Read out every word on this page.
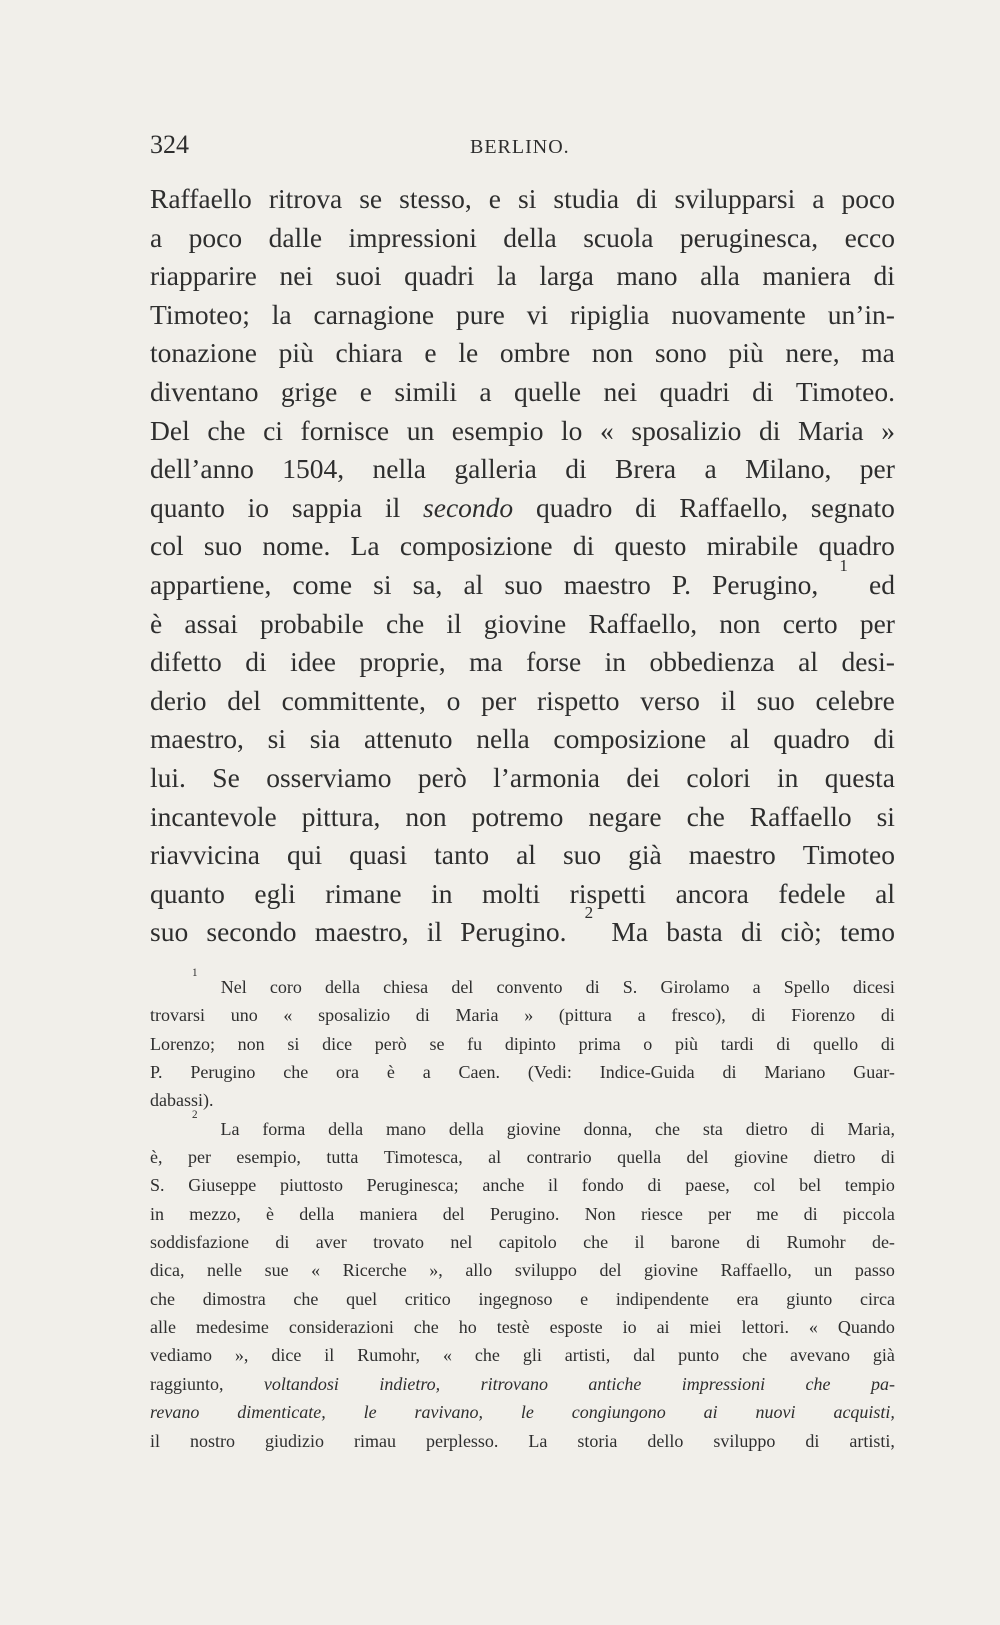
324	BERLINO.
Raffaello ritrova se stesso, e si studia di svilupparsi a poco
a poco dalle impressioni della scuola peruginesca, ecco
riapparire nei suoi quadri la larga mano alla maniera di
Timoteo; la carnagione pure vi ripiglia nuovamente un’in-
tonazione più chiara e le ombre non sono più nere, ma
diventano grige e simili a quelle nei quadri di Timoteo.
Del che ci fornisce un esempio lo « sposalizio di Maria »
dell’anno 1504, nella galleria di Brera a Milano, per
quanto io sappia il secondo quadro di Raffaello, segnato
col suo nome. La composizione di questo mirabile quadro
appartiene, come si sa, al suo maestro P. Perugino,
1
ed
è assai probabile che il giovine Raffaello, non certo per
difetto di idee proprie, ma forse in obbedienza al desi-
derio del committente, o per rispetto verso il suo celebre
maestro, si sia attenuto nella composizione al quadro di
lui. Se osserviamo però l’armonia dei colori in questa
incantevole pittura, non potremo negare che Raffaello si
riavvicina qui quasi tanto al suo già maestro Timoteo
quanto egli rimane in molti rispetti ancora fedele al
suo secondo maestro, il Perugino.
2
Ma basta di ciò; temo
1
Nel coro della chiesa del convento di S. Girolamo a Spello dicesi
trovarsi uno « sposalizio di Maria » (pittura a fresco), di Fiorenzo di
Lorenzo; non si dice però se fu dipinto prima o più tardi di quello di
P. Perugino che ora è a Caen. (Vedi: Indice-Guida di Mariano Guar-
dabassi).
2
La forma della mano della giovine donna, che sta dietro di Maria,
è, per esempio, tutta Timotesca, al contrario quella del giovine dietro di
S. Giuseppe piuttosto Peruginesca; anche il fondo di paese, col bel tempio
in mezzo, è della maniera del Perugino. Non riesce per me di piccola
soddisfazione di aver trovato nel capitolo che il barone di Rumohr de-
dica, nelle sue « Ricerche », allo sviluppo del giovine Raffaello, un passo
che dimostra che quel critico ingegnoso e indipendente era giunto circa
alle medesime considerazioni che ho testè esposte io ai miei lettori. « Quando
vediamo », dice il Rumohr, « che gli artisti, dal punto che avevano già
raggiunto, voltandosi indietro, ritrovano antiche impressioni che pa-
revano dimenticate, le ravivano, le congiungono ai nuovi acquisti,
il nostro giudizio rimau perplesso. La storia dello sviluppo di artisti,
